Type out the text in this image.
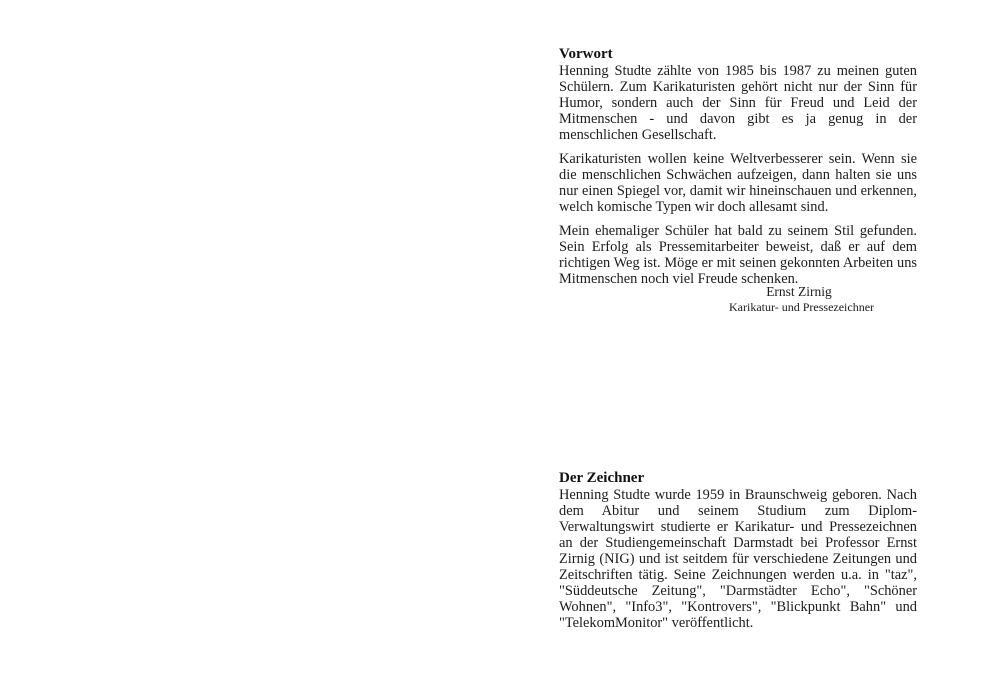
Vorwort

Henning Studte zählte von 1985 bis 1987 zu meinen guten Schülern. Zum Karikaturisten gehört nicht nur der Sinn für Humor, sondern auch der Sinn für Freud und Leid der Mitmenschen - und davon gibt es ja genug in der menschlichen Gesellschaft.

Karikaturisten wollen keine Weltverbesserer sein. Wenn sie die menschlichen Schwächen aufzeigen, dann halten sie uns nur einen Spiegel vor, damit wir hineinschauen und erkennen, welch komische Typen wir doch allesamt sind.

Mein ehemaliger Schüler hat bald zu seinem Stil gefunden. Sein Erfolg als Pressemitarbeiter beweist, daß er auf dem richtigen Weg ist. Möge er mit seinen gekonnten Arbeiten uns Mitmenschen noch viel Freude schenken.

Ernst Zirnig
Karikatur- und Pressezeichner
Der Zeichner

Henning Studte wurde 1959 in Braunschweig geboren. Nach dem Abitur und seinem Studium zum Diplom-Verwaltungswirt studierte er Karikatur- und Pressezeichnen an der Studiengemeinschaft Darmstadt bei Professor Ernst Zirnig (NIG) und ist seitdem für verschiedene Zeitungen und Zeitschriften tätig. Seine Zeichnungen werden u.a. in "taz", "Süddeutsche Zeitung", "Darmstädter Echo", "Schöner Wohnen", "Info3", "Kontrovers", "Blickpunkt Bahn" und "TelekomMonitor" veröffentlicht.
